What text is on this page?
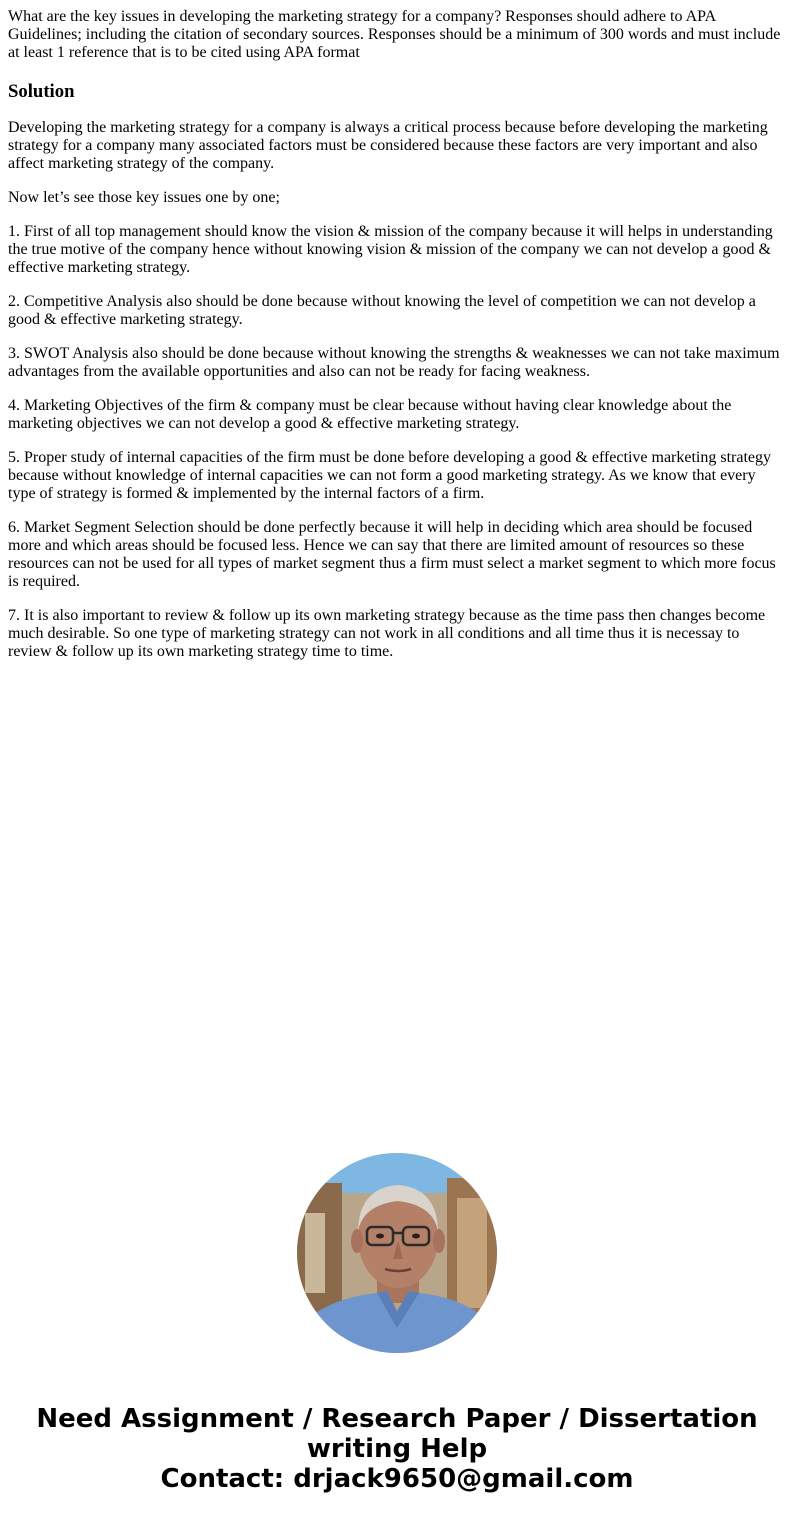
What are the key issues in developing the marketing strategy for a company? Responses should adhere to APA Guidelines; including the citation of secondary sources. Responses should be a minimum of 300 words and must include at least 1 reference that is to be cited using APA format

Solution

Developing the marketing strategy for a company is always a critical process because before developing the marketing strategy for a company many associated factors must be considered because these factors are very important and also affect marketing strategy of the company.

Now let’s see those key issues one by one;

1. First of all top management should know the vision & mission of the company because it will helps in understanding the true motive of the company hence without knowing vision & mission of the company we can not develop a good & effective marketing strategy.

2. Competitive Analysis also should be done because without knowing the level of competition we can not develop a good & effective marketing strategy.

3. SWOT Analysis also should be done because without knowing the strengths & weaknesses we can not take maximum advantages from the available opportunities and also can not be ready for facing weakness.

4. Marketing Objectives of the firm & company must be clear because without having clear knowledge about the marketing objectives we can not develop a good & effective marketing strategy.

5. Proper study of internal capacities of the firm must be done before developing a good & effective marketing strategy because without knowledge of internal capacities we can not form a good marketing strategy. As we know that every type of strategy is formed & implemented by the internal factors of a firm.

6. Market Segment Selection should be done perfectly because it will help in deciding which area should be focused more and which areas should be focused less. Hence we can say that there are limited amount of resources so these resources can not be used for all types of market segment thus a firm must select a market segment to which more focus is required.

7. It is also important to review & follow up its own marketing strategy because as the time pass then changes become much desirable. So one type of marketing strategy can not work in all conditions and all time thus it is necessay to review & follow up its own marketing strategy time to time.

Need Assignment / Research Paper / Dissertation
writing Help
Contact: drjack9650@gmail.com
